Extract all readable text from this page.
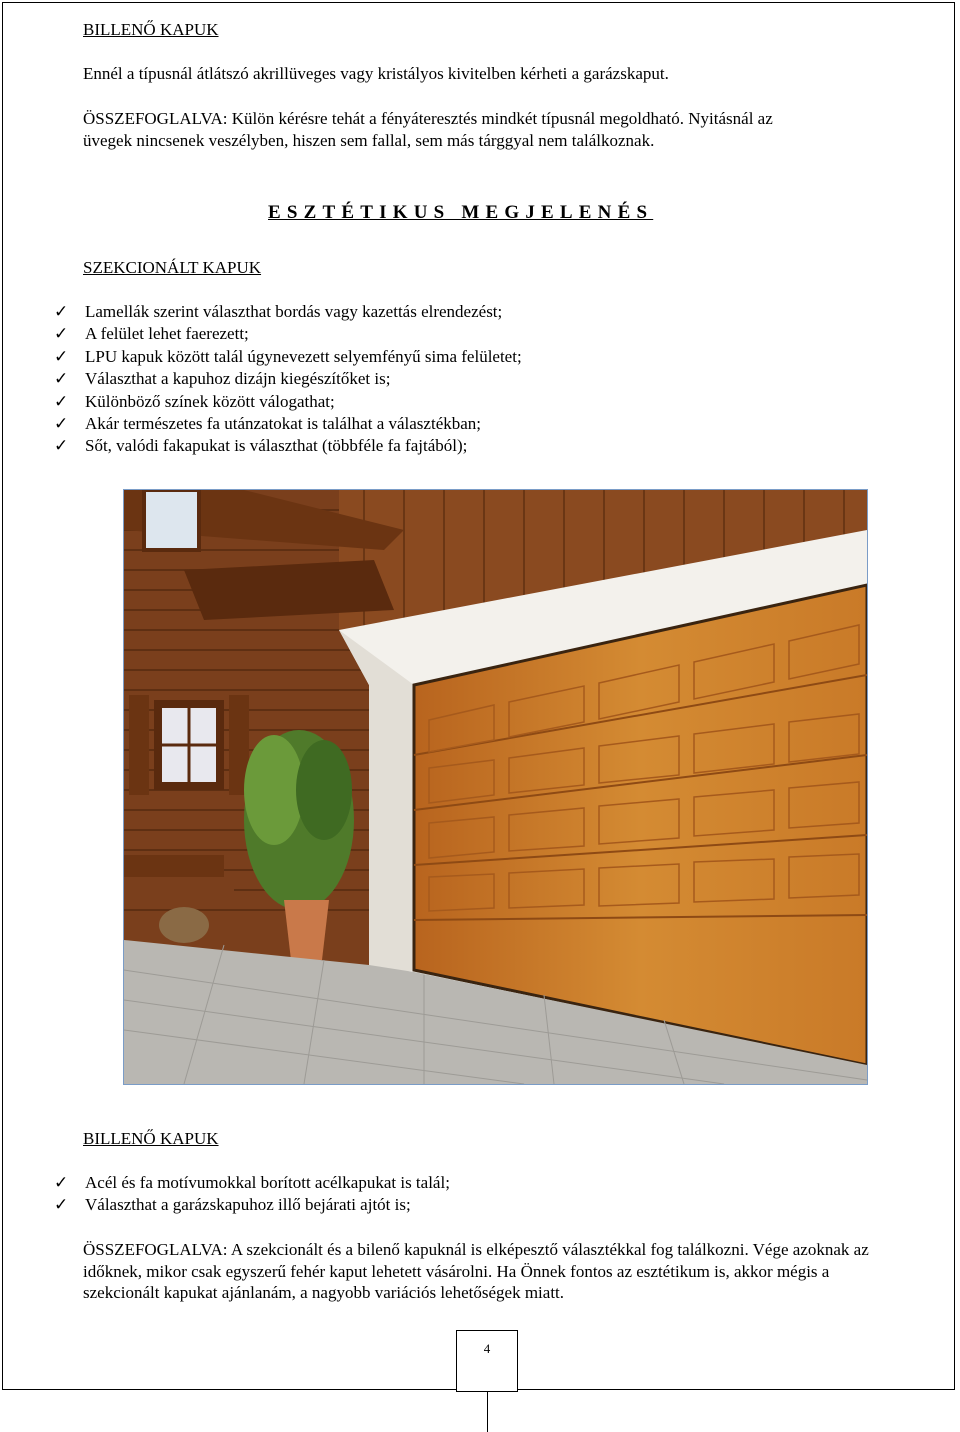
BILLENŐ KAPUK

Ennél a típusnál átlátszó akrillüveges vagy kristályos kivitelben kérheti a garázskaput.

ÖSSZEFOGLALVA: Külön kérésre tehát a fényáteresztés mindkét típusnál megoldható. Nyitásnál az

üvegek nincsenek veszélyben, hiszen sem fallal, sem más tárggyal nem találkoznak.

ESZTÉTIKUS MEGJELENÉS

SZEKCIONÁLT KAPUK

✓ Lamellák szerint választhat bordás vagy kazettás elrendezést;
✓ A felület lehet faerezett;
✓ LPU kapuk között talál úgynevezett selyemfényű sima felületet;
✓ Választhat a kapuhoz dizájn kiegészítőket is;
✓ Különböző színek között válogathat;
✓ Akár természetes fa utánzatokat is találhat a választékban;
✓ Sőt, valódi fakapukat is választhat (többféle fa fajtából);

BILLENŐ KAPUK

✓ Acél és fa motívumokkal borított acélkapukat is talál;
✓ Választhat a garázskapuhoz illő bejárati ajtót is;

ÖSSZEFOGLALVA: A szekcionált és a bilenő kapuknál is elképesztő választékkal fog találkozni. Vége azoknak az időknek, mikor csak egyszerű fehér kaput lehetett vásárolni. Ha Önnek fontos az esztétikum is, akkor mégis a szekcionált kapukat ajánlanám, a nagyobb variációs lehetőségek miatt.

4
